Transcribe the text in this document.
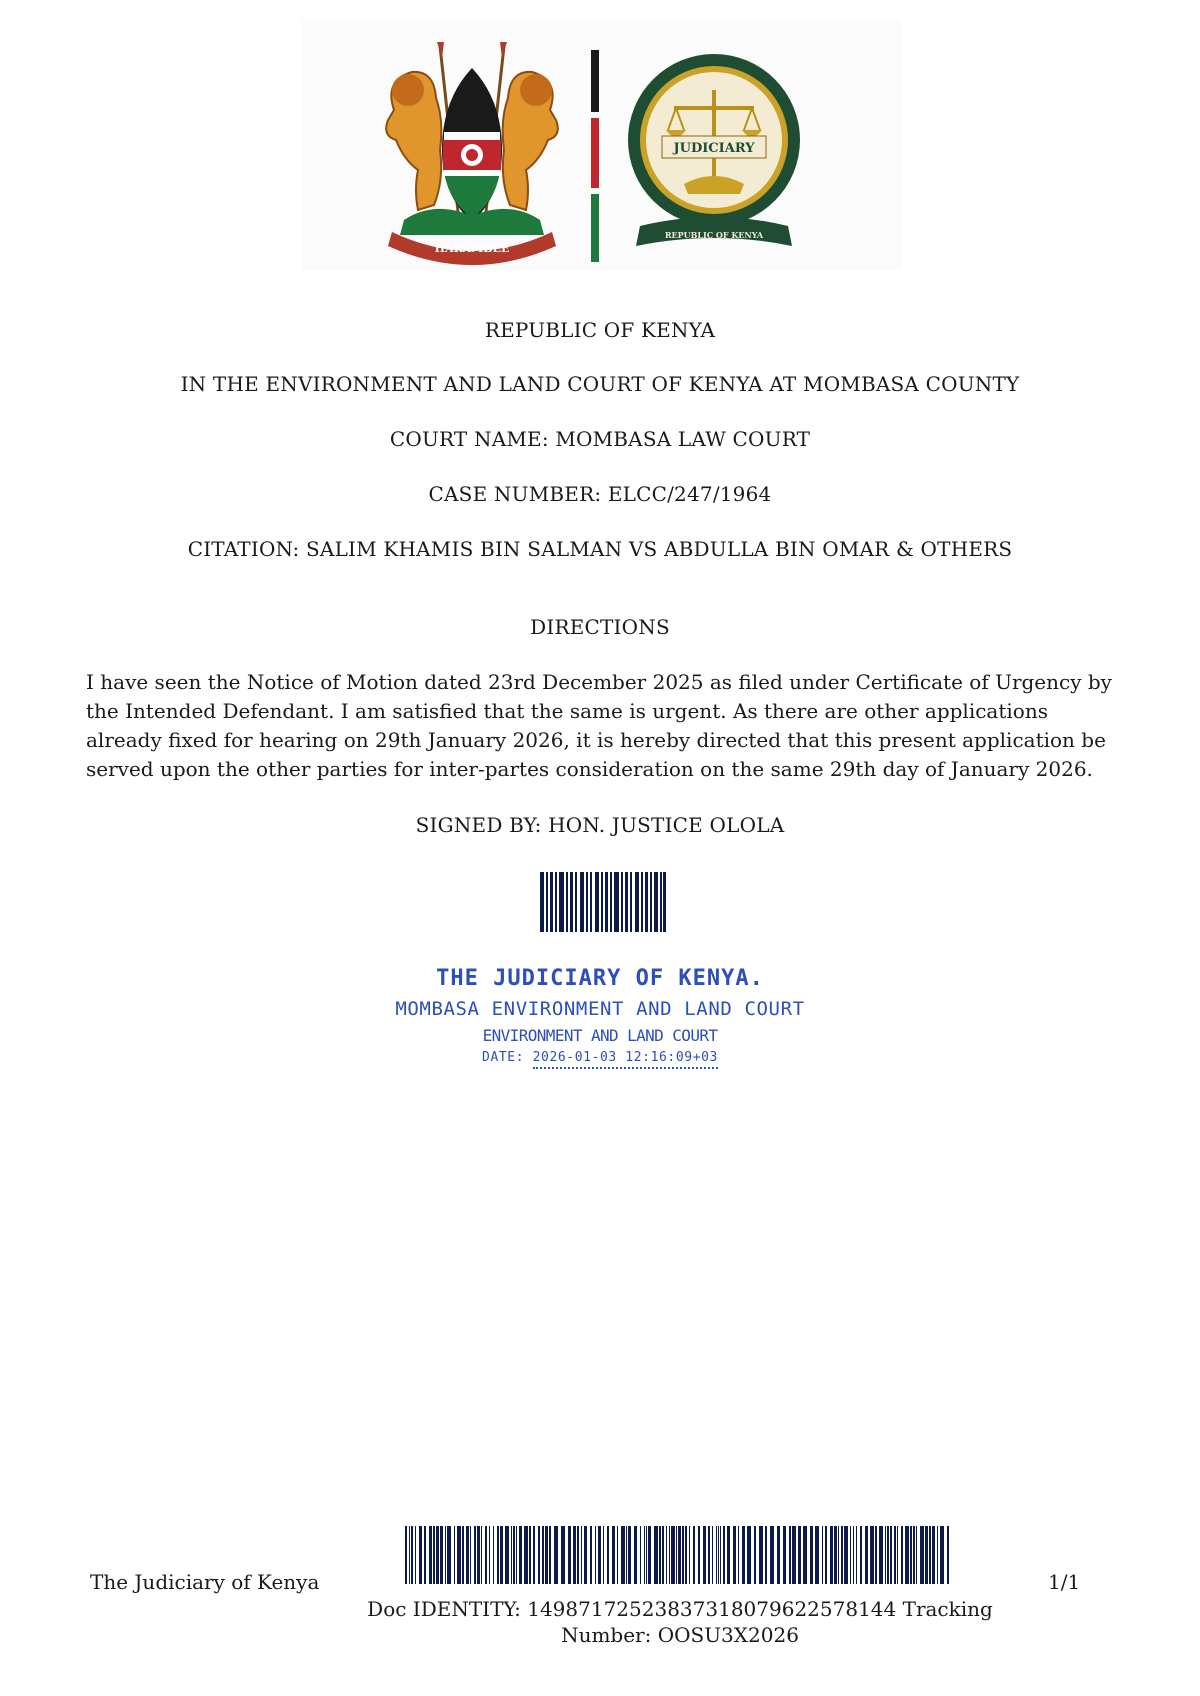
HARAMBEE
JUDICIARY
REPUBLIC OF KENYA
REPUBLIC OF KENYA
IN THE ENVIRONMENT AND LAND COURT OF KENYA AT MOMBASA COUNTY
COURT NAME: MOMBASA LAW COURT
CASE NUMBER: ELCC/247/1964
CITATION: SALIM KHAMIS BIN SALMAN VS ABDULLA BIN OMAR & OTHERS
DIRECTIONS

I have seen the Notice of Motion dated 23rd December 2025 as filed under Certificate of Urgency by the Intended Defendant. I am satisfied that the same is urgent. As there are other applications already fixed for hearing on 29th January 2026, it is hereby directed that this present application be served upon the other parties for inter-partes consideration on the same 29th day of January 2026.

SIGNED BY: HON. JUSTICE OLOLA
THE JUDICIARY OF KENYA.
MOMBASA ENVIRONMENT AND LAND COURT
ENVIRONMENT AND LAND COURT
DATE: 2026-01-03 12:16:09+03
The Judiciary of Kenya	1/1
Doc IDENTITY: 14987172523837318079622578144 Tracking Number: OOSU3X2026
